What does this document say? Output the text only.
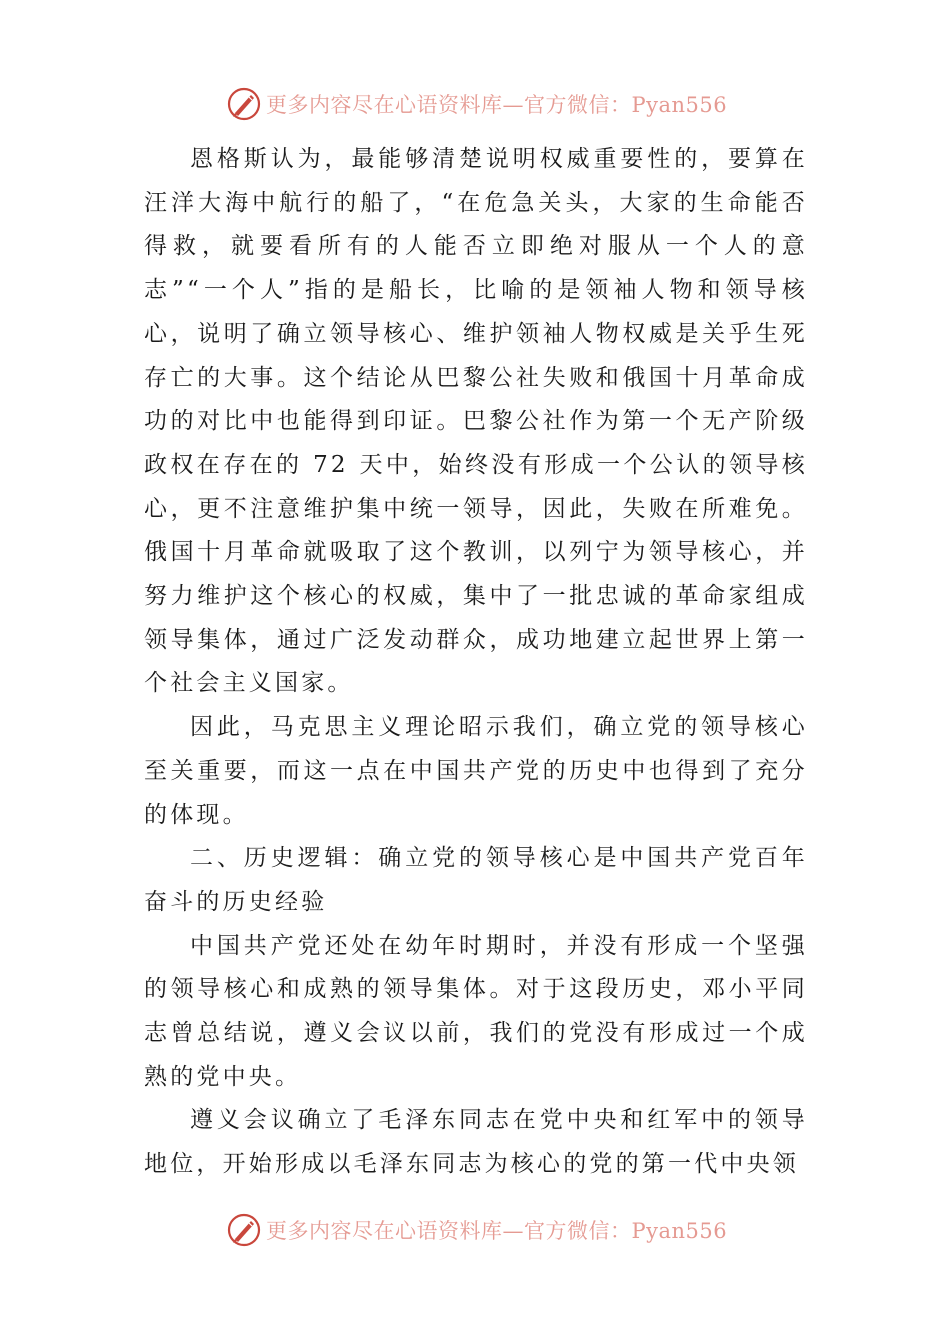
更多内容尽在心语资料库—官方微信：Pyan556

恩格斯认为，最能够清楚说明权威重要性的，要算在汪洋大海中航行的船了，“在危急关头，大家的生命能否得救，就要看所有的人能否立即绝对服从一个人的意志”“一个人”指的是船长，比喻的是领袖人物和领导核心，说明了确立领导核心、维护领袖人物权威是关乎生死存亡的大事。这个结论从巴黎公社失败和俄国十月革命成功的对比中也能得到印证。巴黎公社作为第一个无产阶级政权在存在的 72 天中，始终没有形成一个公认的领导核心，更不注意维护集中统一领导，因此，失败在所难免。俄国十月革命就吸取了这个教训，以列宁为领导核心，并努力维护这个核心的权威，集中了一批忠诚的革命家组成领导集体，通过广泛发动群众，成功地建立起世界上第一个社会主义国家。

因此，马克思主义理论昭示我们，确立党的领导核心至关重要，而这一点在中国共产党的历史中也得到了充分的体现。

二、历史逻辑：确立党的领导核心是中国共产党百年奋斗的历史经验

中国共产党还处在幼年时期时，并没有形成一个坚强的领导核心和成熟的领导集体。对于这段历史，邓小平同志曾总结说，遵义会议以前，我们的党没有形成过一个成熟的党中央。

遵义会议确立了毛泽东同志在党中央和红军中的领导地位，开始形成以毛泽东同志为核心的党的第一代中央领

更多内容尽在心语资料库—官方微信：Pyan556
